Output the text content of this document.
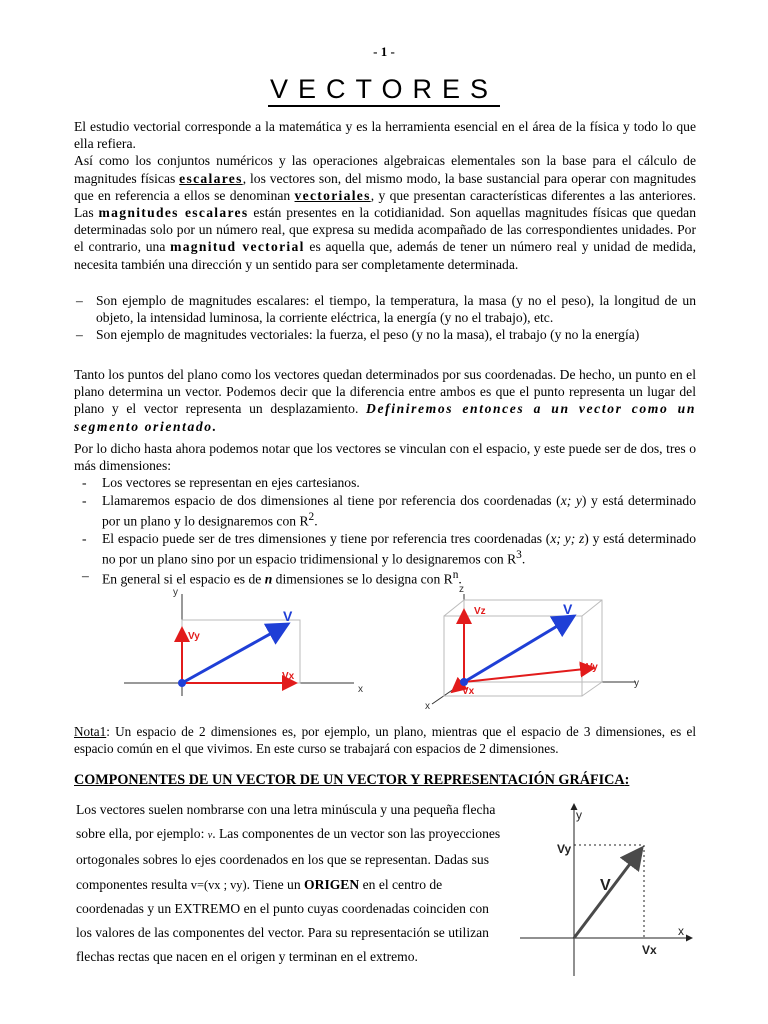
- 1 -
VECTORES

El estudio vectorial corresponde a la matemática y es la herramienta esencial en el área de la física y todo lo que ella refiera.

Así como los conjuntos numéricos y las operaciones algebraicas elementales son la base para el cálculo de magnitudes físicas escalares, los vectores son, del mismo modo, la base sustancial para operar con magnitudes que en referencia a ellos se denominan vectoriales, y que presentan características diferentes a las anteriores. Las magnitudes escalares están presentes en la cotidianidad. Son aquellas magnitudes físicas que quedan determinadas solo por un número real, que expresa su medida acompañado de las correspondientes unidades. Por el contrario, una magnitud vectorial es aquella que, además de tener un número real y unidad de medida, necesita también una dirección y un sentido para ser completamente determinada.

– Son ejemplo de magnitudes escalares: el tiempo, la temperatura, la masa (y no el peso), la longitud de un objeto, la intensidad luminosa, la corriente eléctrica, la energía (y no el trabajo), etc.
– Son ejemplo de magnitudes vectoriales: la fuerza, el peso (y no la masa), el trabajo (y no la energía)

Tanto los puntos del plano como los vectores quedan determinados por sus coordenadas. De hecho, un punto en el plano determina un vector. Podemos decir que la diferencia entre ambos es que el punto representa un lugar del plano y el vector representa un desplazamiento. Definiremos entonces a un vector como un segmento orientado.

Por lo dicho hasta ahora podemos notar que los vectores se vinculan con el espacio, y este puede ser de dos, tres o más dimensiones:

- Los vectores se representan en ejes cartesianos.
- Llamaremos espacio de dos dimensiones al tiene por referencia dos coordenadas (x; y) y está determinado por un plano y lo designaremos con $R^2$.
- El espacio puede ser de tres dimensiones y tiene por referencia tres coordenadas (x; y; z) y está determinado no por un plano sino por un espacio tridimensional y lo designaremos con $R^3$.
– En general si el espacio es de n dimensiones se lo designa con $R^n$.
y
x
V
Vy
Vx
z
y
x
V
Vz
Vy
Vx

Nota1: Un espacio de 2 dimensiones es, por ejemplo, un plano, mientras que el espacio de 3 dimensiones, es el espacio común en el que vivimos. En este curso se trabajará con espacios de 2 dimensiones.

COMPONENTES DE UN VECTOR DE UN VECTOR Y REPRESENTACIÓN GRÁFICA:

Los vectores suelen nombrarse con una letra minúscula y una pequeña flecha sobre ella, por ejemplo: v. Las componentes de un vector son las proyecciones ortogonales sobres lo ejes coordenados en los que se representan. Dadas sus componentes resulta v=(vx ; vy). Tiene un ORIGEN en el centro de coordenadas y un EXTREMO en el punto cuyas coordenadas coinciden con los valores de las componentes del vector. Para su representación se utilizan flechas rectas que nacen en el origen y terminan en el extremo.

y
x
V
Vy
Vx
